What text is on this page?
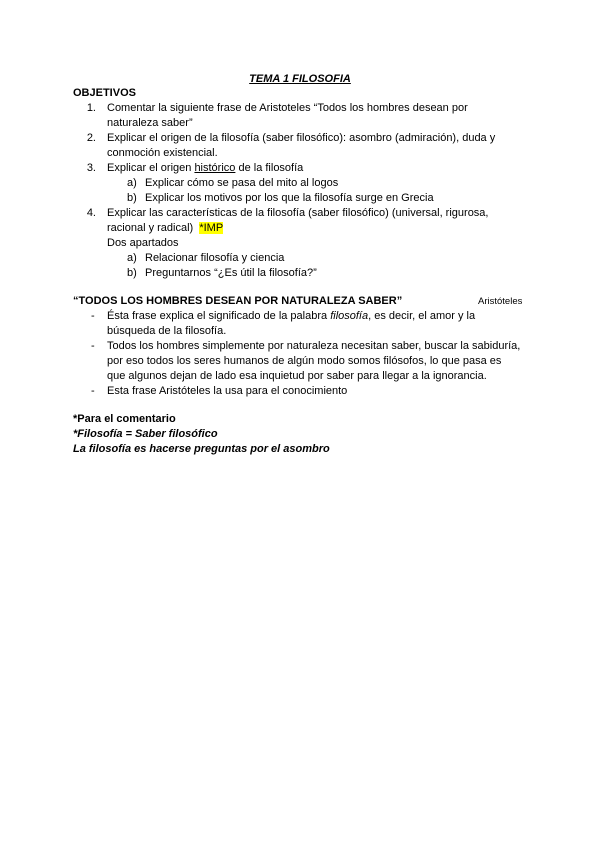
TEMA 1 FILOSOFIA
OBJETIVOS
1. Comentar la siguiente frase de Aristoteles “Todos los hombres desean por
naturaleza saber”
2. Explicar el origen de la filosofía (saber filosófico): asombro (admiración), duda y
conmoción existencial.
3. Explicar el origen histórico de la filosofía
a) Explicar cómo se pasa del mito al logos
b) Explicar los motivos por los que la filosofía surge en Grecia
4. Explicar las características de la filosofía (saber filosófico) (universal, rigurosa,
racional y radical) *IMP
Dos apartados
a) Relacionar filosofía y ciencia
b) Preguntarnos “¿Es útil la filosofía?”
“TODOS LOS HOMBRES DESEAN POR NATURALEZA SABER”	Aristóteles
- Ésta frase explica el significado de la palabra filosofía, es decir, el amor y la
búsqueda de la filosofía.
- Todos los hombres simplemente por naturaleza necesitan saber, buscar la sabiduría,
por eso todos los seres humanos de algún modo somos filósofos, lo que pasa es
que algunos dejan de lado esa inquietud por saber para llegar a la ignorancia.
- Esta frase Aristóteles la usa para el conocimiento
*Para el comentario
*Filosofía = Saber filosófico
La filosofía es hacerse preguntas por el asombro
